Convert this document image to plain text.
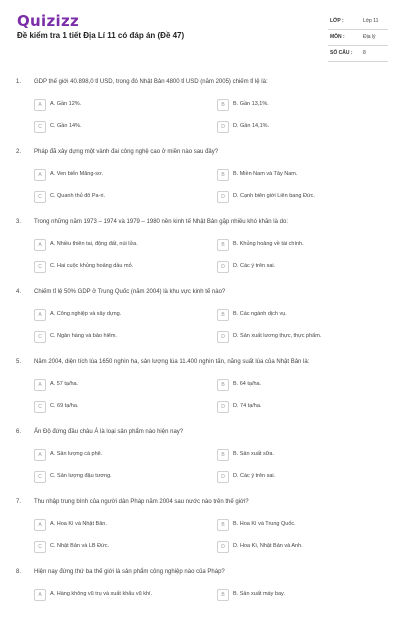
Quizizz
Đề kiểm tra 1 tiết Địa Lí 11 có đáp án (Đề 47)
LỚP :	Lớp 11
MÔN :	Địa lý
SỐ CÂU : 8
1. GDP thế giới 40.898,0 tỉ USD, trong đó Nhật Bản 4800 tỉ USD (năm 2005) chiếm tỉ lệ là:
A	A. Gần 12%.	B	B. Gần 13,1%.
C	C. Gần 14%.	D	D. Gần 14,1%.
2. Pháp đã xây dựng một vành đai công nghệ cao ở miền nào sau đây?
A	A. Ven biển Măng-sơ.	B	B. Miền Nam và Tây Nam.
C	C. Quanh thủ đô Pa-ri.	D	D. Cạnh biên giới Liên bang Đức.
3. Trong những năm 1973 – 1974 và 1979 – 1980 nền kinh tế Nhật Bản gặp nhiều khó khăn là do:
A	A. Nhiều thiên tai, động đất, núi lửa.	B	B. Khủng hoảng về tài chính.
C	C. Hai cuộc khủng hoảng dầu mỏ.	D	D. Các ý trên sai.
4. Chiếm tỉ lệ 50% GDP ở Trung Quốc (năm 2004) là khu vực kinh tế nào?
A	A. Công nghiệp và xây dựng.	B	B. Các ngành dịch vụ.
C	C. Ngân hàng và bảo hiểm.	D	D. Sản xuất lương thực, thực phẩm.
5. Năm 2004, diện tích lúa 1650 nghìn ha, sản lượng lúa 11.400 nghìn tấn, năng suất lúa của Nhật Bản là:
A	A. 57 tạ/ha.	B	B. 64 tạ/ha.
C	C. 69 tạ/ha.	D	D. 74 tạ/ha.
6. Ấn Độ đứng đầu châu Á là loại sản phẩm nào hiện nay?
A	A. Sản lượng cà phê.	B	B. Sản xuất sữa.
C	C. Sản lượng đậu tương.	D	D. Các ý trên sai.
7. Thu nhập trung bình của người dân Pháp năm 2004 sau nước nào trên thế giới?
A	A. Hoa Kì và Nhật Bản.	B	B. Hoa Kì và Trung Quốc.
C	C. Nhật Bản và LB Đức.	D	D. Hoa Kì, Nhật Bản và Anh.
8. Hiện nay đứng thứ ba thế giới là sản phẩm công nghiệp nào của Pháp?
A	A. Hàng không vũ trụ và xuất khẩu vũ khí.	B	B. Sản xuất máy bay.
